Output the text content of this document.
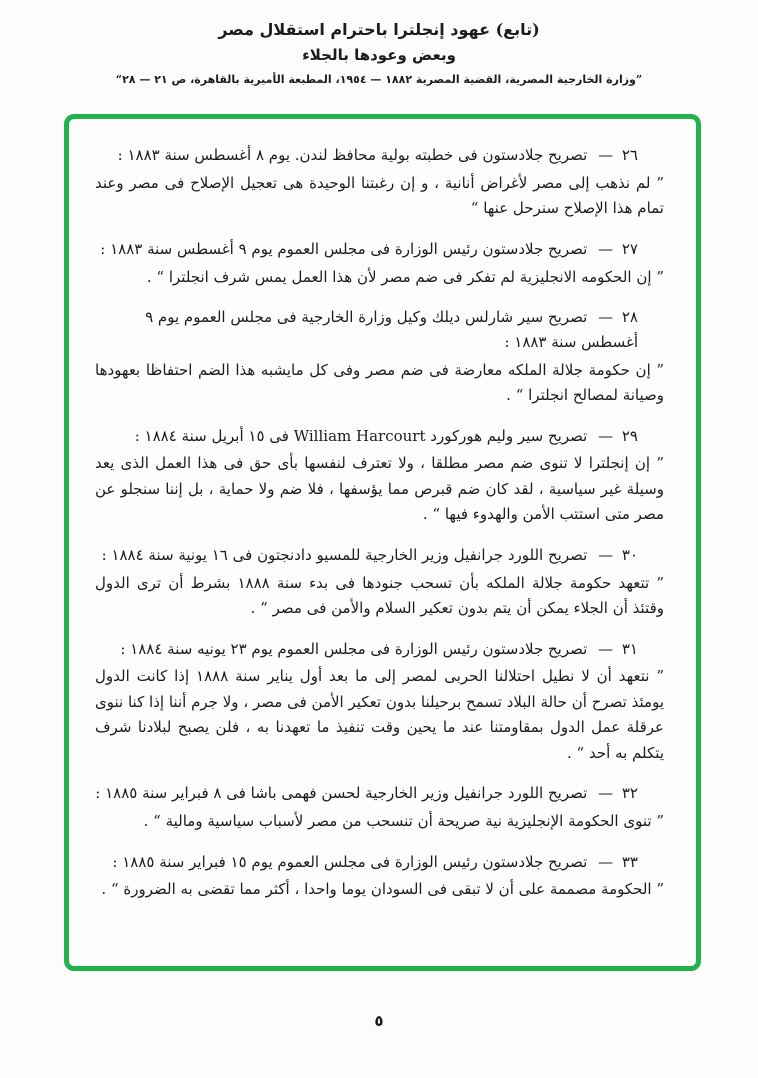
(تابع) عهود إنجلترا باحترام استقلال مصر
وبعض وعودها بالجلاء
”وزارة الخارجية المصرية، القضية المصرية ١٨٨٢ — ١٩٥٤، المطبعة الأميرية بالقاهرة، ص ٢١ — ٢٨“

٢٦ — تصريح جلادستون فى خطبته بولية محافظ لندن. يوم ٨ أغسطس سنة ١٨٨٣ :

” لم نذهب إلى مصر لأغراض أنانية ، و إن رغبتنا الوحيدة هى تعجيل الإصلاح فى مصر وعند تمام هذا الإصلاح سنرحل عنها “

٢٧ — تصريح جلادستون رئيس الوزارة فى مجلس العموم يوم ٩ أغسطس سنة ١٨٨٣ :

” إن الحكومه الانجليزية لم تفكر فى ضم مصر لأن هذا العمل يمس شرف انجلترا “ .

٢٨ — تصريح سير شارلس ديلك وكيل وزارة الخارجية فى مجلس العموم يوم ٩ أغسطس سنة ١٨٨٣ :

” إن حكومة جلالة الملكه معارضة فى ضم مصر وفى كل مايشبه هذا الضم احتفاظا بعهودها وصيانة لمصالح انجلترا “ .

٢٩ — تصريح سير وليم هوركورد William Harcourt فى ١٥ أبريل سنة ١٨٨٤ :

” إن إنجلترا لا تنوى ضم مصر مطلقا ، ولا تعترف لنفسها بأى حق فى هذا العمل الذى يعد وسيلة غير سياسية ، لقد كان ضم قبرص مما يؤسفها ، فلا ضم ولا حماية ، بل إننا سنجلو عن مصر متى استتب الأمن والهدوء فيها “ .

٣٠ — تصريح اللورد جرانفيل وزير الخارجية للمسيو دادنجتون فى ١٦ يونية سنة ١٨٨٤ :

” تتعهد حكومة جلالة الملكه بأن تسحب جنودها فى بدء سنة ١٨٨٨ بشرط أن ترى الدول وقتئذ أن الجلاء يمكن أن يتم بدون تعكير السلام والأمن فى مصر “ .

٣١ — تصريح جلادستون رئيس الوزارة فى مجلس العموم يوم ٢٣ يونيه سنة ١٨٨٤ :

” نتعهد أن لا نطيل احتلالنا الحربى لمصر إلى ما بعد أول يناير سنة ١٨٨٨ إذا كانت الدول يومئذ تصرح أن حالة البلاد تسمح برحيلنا بدون تعكير الأمن فى مصر ، ولا جرم أننا إذا كنا ننوى عرقلة عمل الدول بمقاومتنا عند ما يحين وقت تنفيذ ما تعهدنا به ، فلن يصبح لبلادنا شرف يتكلم به أحد “ .

٣٢ — تصريح اللورد جرانفيل وزير الخارجية لحسن فهمى باشا فى ٨ فبراير سنة ١٨٨٥ :

” تنوى الحكومة الإنجليزية نية صريحة أن تنسحب من مصر لأسباب سياسية ومالية “ .

٣٣ — تصريح جلادستون رئيس الوزارة فى مجلس العموم يوم ١٥ فبراير سنة ١٨٨٥ :

” الحكومة مصممة على أن لا تبقى فى السودان يوما واحدا ، أكثر مما تقضى به الضرورة “ .

٥
